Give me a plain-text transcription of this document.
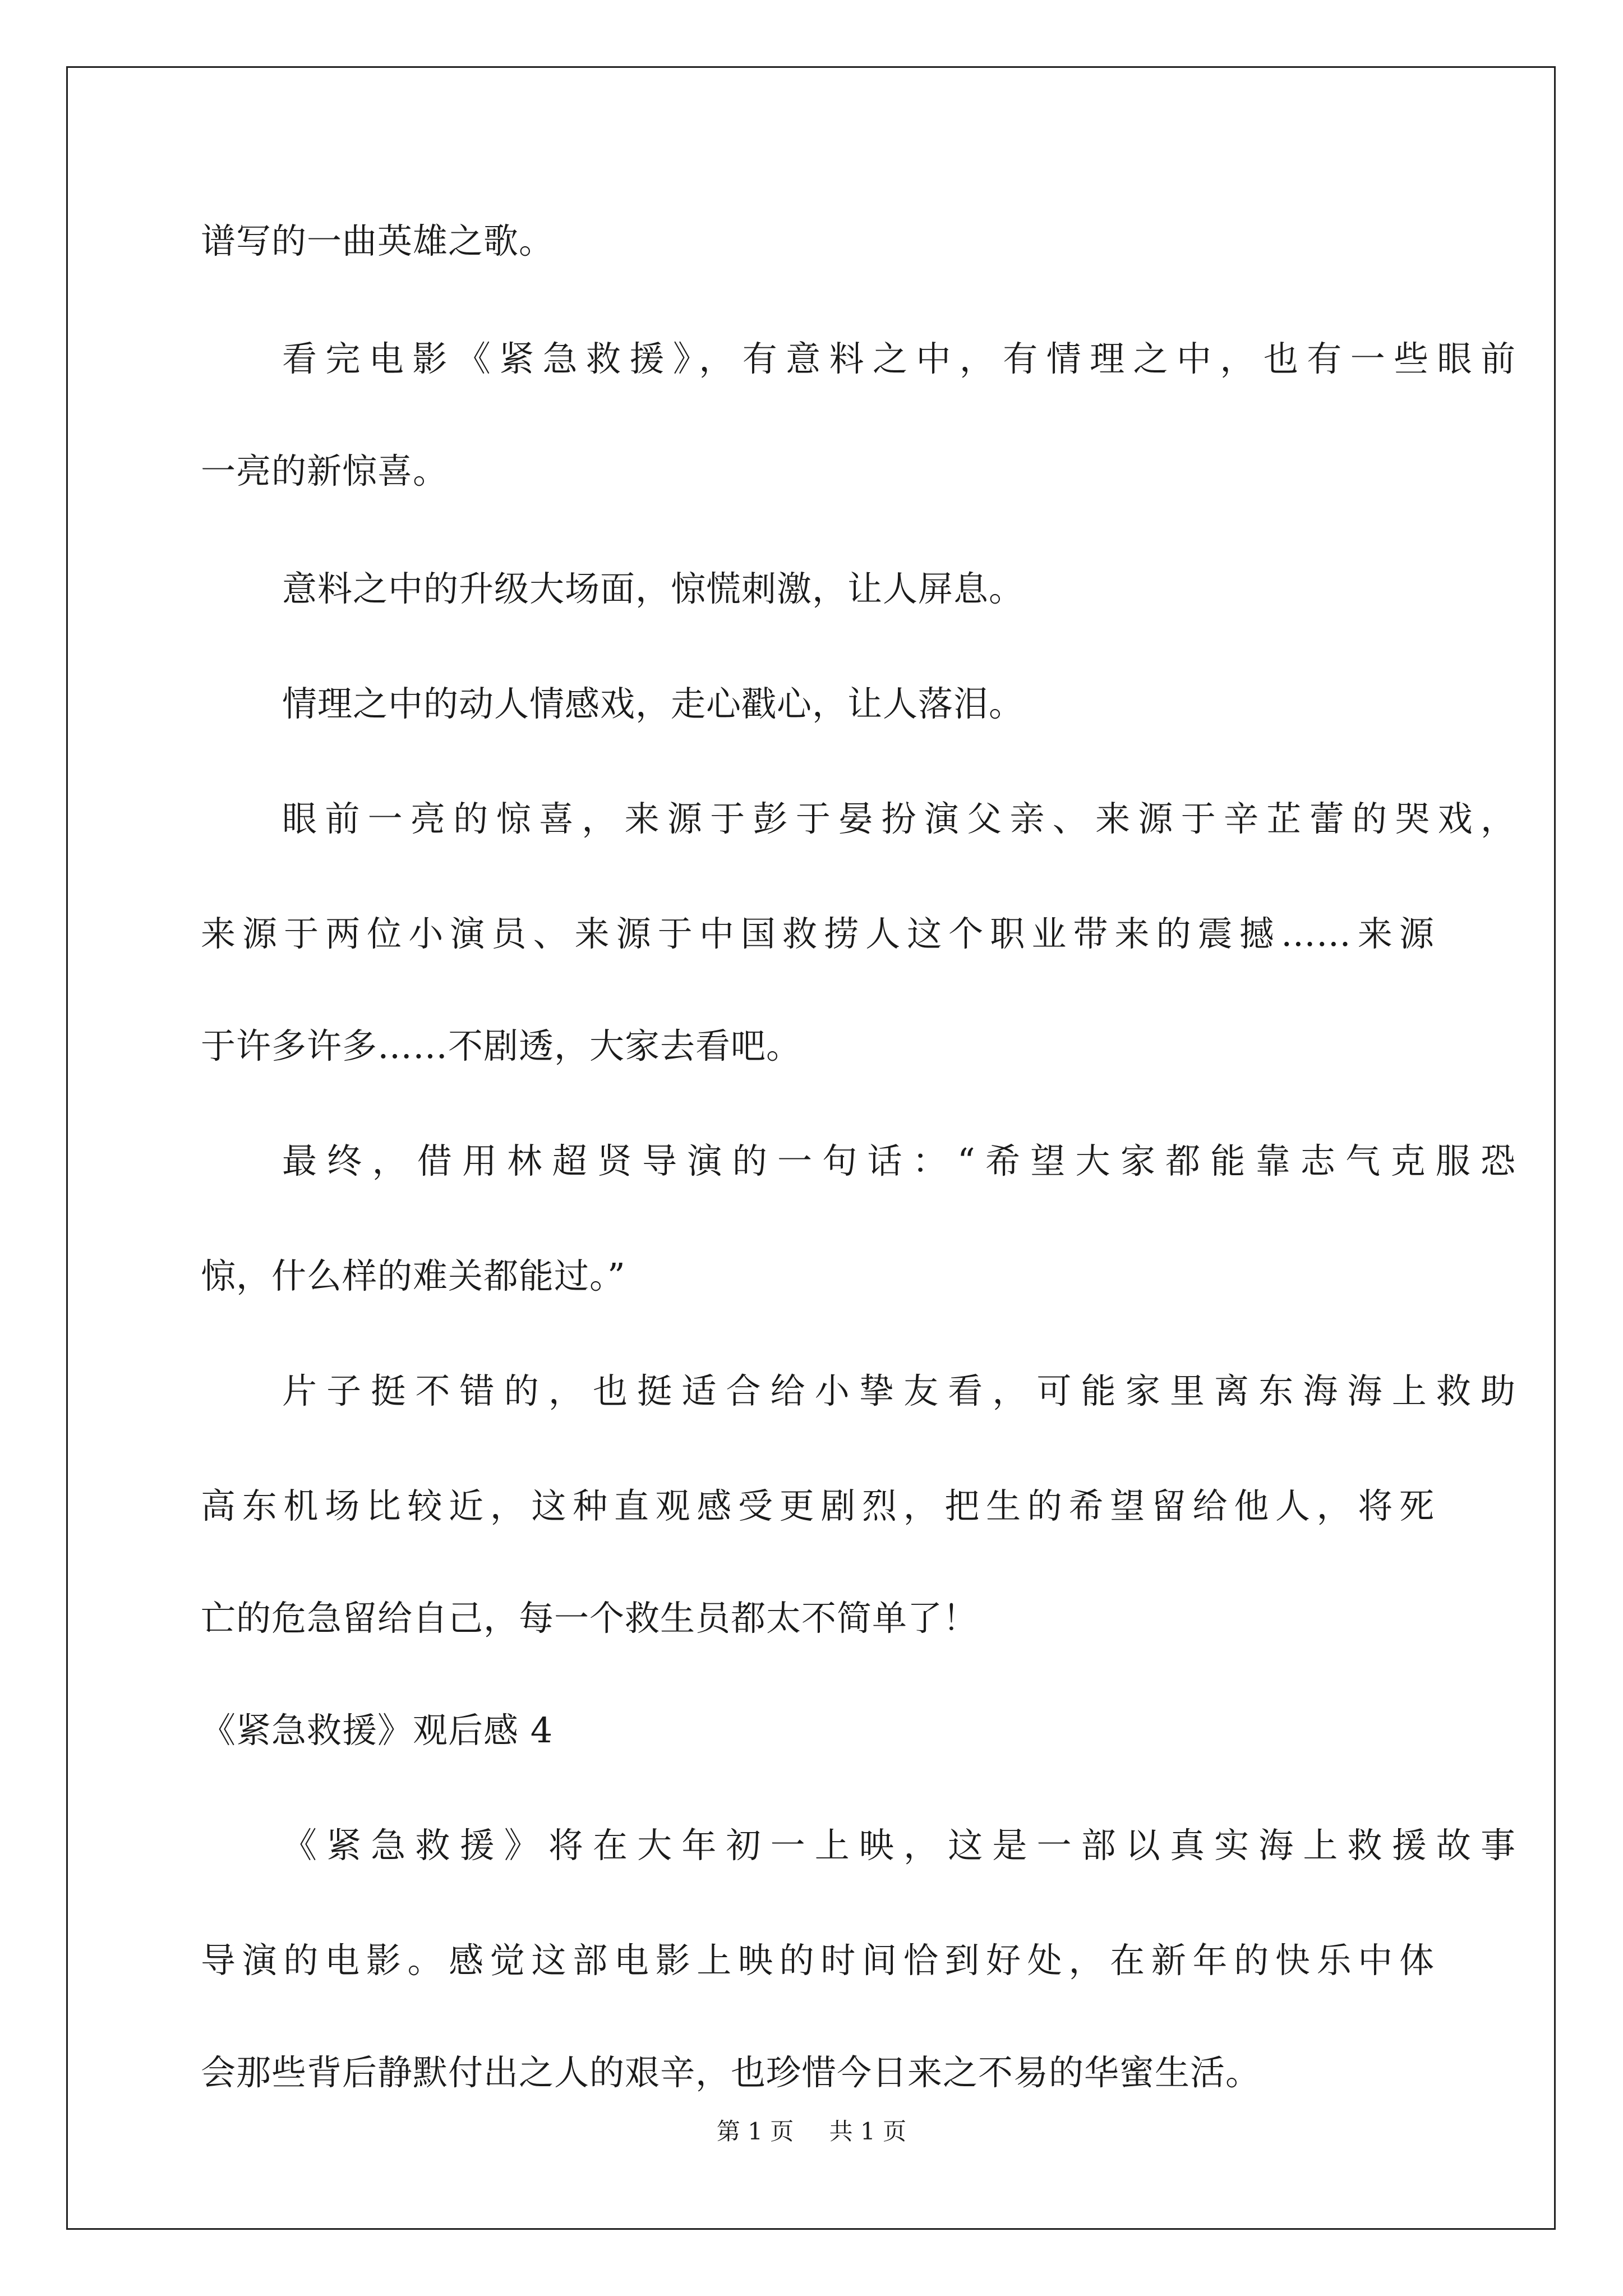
谱写的一曲英雄之歌。
看完电影《紧急救援》，有意料之中，有情理之中，也有一些眼前
一亮的新惊喜。
意料之中的升级大场面，惊慌刺激，让人屏息。
情理之中的动人情感戏，走心戳心，让人落泪。
眼前一亮的惊喜，来源于彭于晏扮演父亲、来源于辛芷蕾的哭戏，
来源于两位小演员、来源于中国救捞人这个职业带来的震撼……来源
于许多许多……不剧透，大家去看吧。
最终，借用林超贤导演的一句话：“希望大家都能靠志气克服恐
惊，什么样的难关都能过。”
片子挺不错的，也挺适合给小挚友看，可能家里离东海海上救助
高东机场比较近，这种直观感受更剧烈，把生的希望留给他人，将死
亡的危急留给自己，每一个救生员都太不简单了！
《紧急救援》观后感 4
《紧急救援》将在大年初一上映，这是一部以真实海上救援故事
导演的电影。感觉这部电影上映的时间恰到好处，在新年的快乐中体
会那些背后静默付出之人的艰辛，也珍惜今日来之不易的华蜜生活。
第 1 页 共 1 页
